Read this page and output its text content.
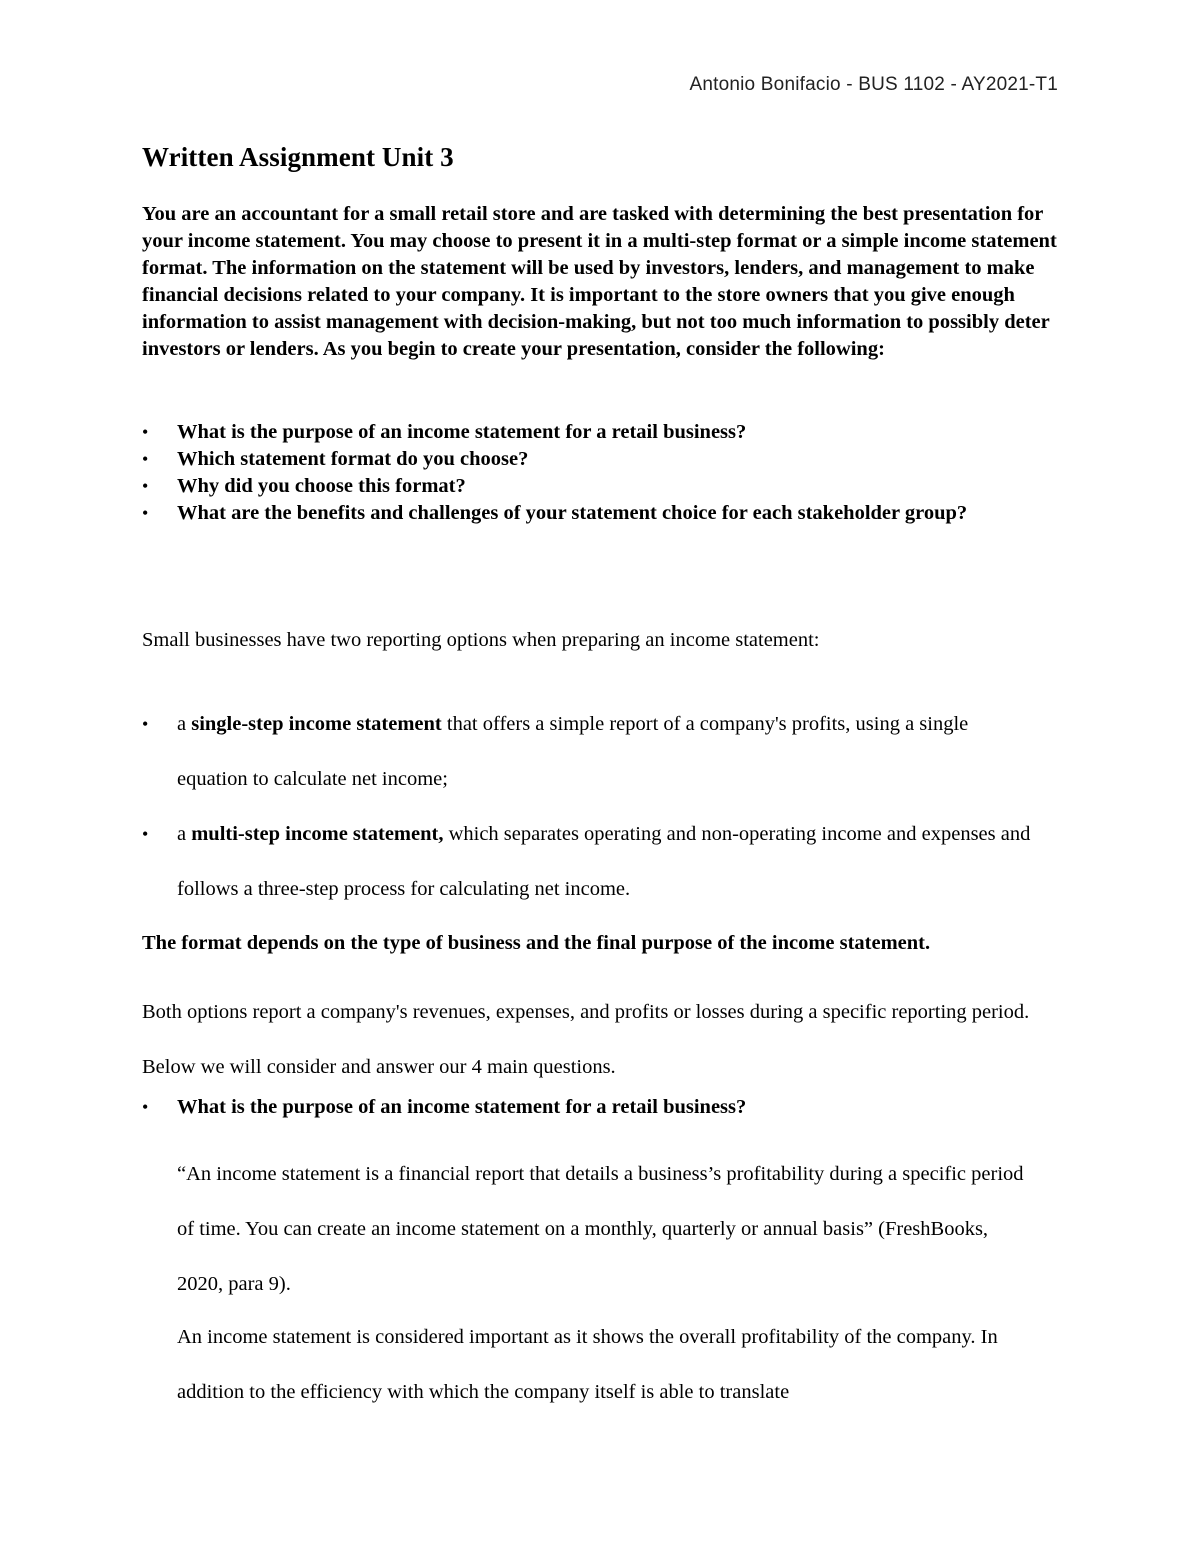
Antonio Bonifacio - BUS 1102 - AY2021-T1
Written Assignment Unit 3

You are an accountant for a small retail store and are tasked with determining the best presentation for your income statement. You may choose to present it in a multi-step format or a simple income statement format. The information on the statement will be used by investors, lenders, and management to make financial decisions related to your company. It is important to the store owners that you give enough information to assist management with decision-making, but not too much information to possibly deter investors or lenders. As you begin to create your presentation, consider the following:

•	What is the purpose of an income statement for a retail business?
•	Which statement format do you choose?
•	Why did you choose this format?
•	What are the benefits and challenges of your statement choice for each stakeholder group?

Small businesses have two reporting options when preparing an income statement:

•	a single-step income statement that offers a simple report of a company's profits, using a single equation to calculate net income;
•	a multi-step income statement, which separates operating and non-operating income and expenses and follows a three-step process for calculating net income.

The format depends on the type of business and the final purpose of the income statement.

Both options report a company's revenues, expenses, and profits or losses during a specific reporting period. Below we will consider and answer our 4 main questions.

•	What is the purpose of an income statement for a retail business?

“An income statement is a financial report that details a business’s profitability during a specific period of time. You can create an income statement on a monthly, quarterly or annual basis” (FreshBooks, 2020, para 9).

An income statement is considered important as it shows the overall profitability of the company. In addition to the efficiency with which the company itself is able to translate
